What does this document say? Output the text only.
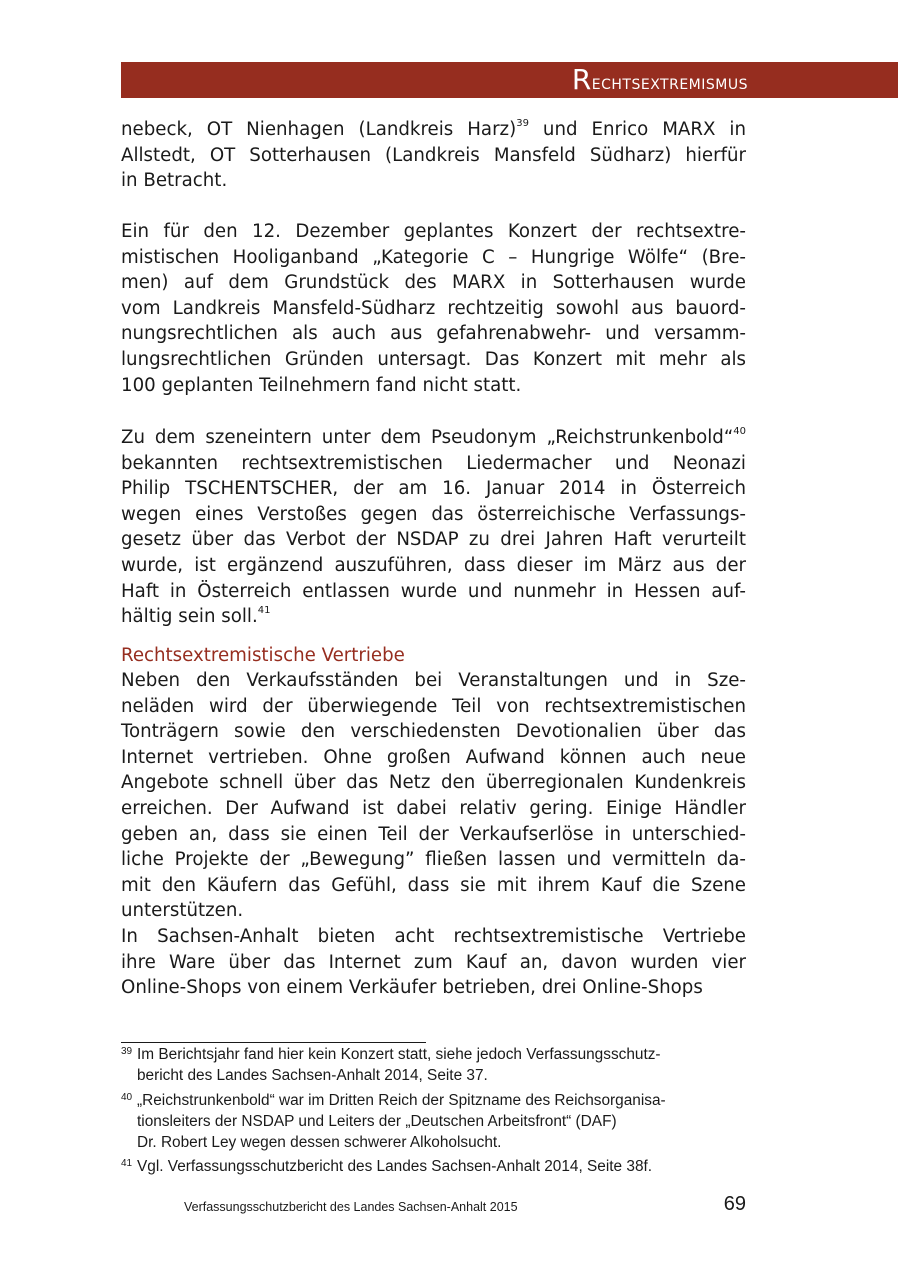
Rechtsextremismus
nebeck, OT Nienhagen (Landkreis Harz)$^{39}$ und Enrico MARX in
Allstedt, OT Sotterhausen (Landkreis Mansfeld Südharz) hierfür
in Betracht.
Ein für den 12. Dezember geplantes Konzert der rechtsextre-
mistischen Hooliganband „Kategorie C – Hungrige Wölfe“ (Bre-
men) auf dem Grundstück des MARX in Sotterhausen wurde
vom Landkreis Mansfeld-Südharz rechtzeitig sowohl aus bauord-
nungsrechtlichen als auch aus gefahrenabwehr- und versamm-
lungsrechtlichen Gründen untersagt. Das Konzert mit mehr als
100 geplanten Teilnehmern fand nicht statt.
Zu dem szeneintern unter dem Pseudonym „Reichstrunkenbold“$^{40}$
bekannten rechtsextremistischen Liedermacher und Neonazi
Philip TSCHENTSCHER, der am 16. Januar 2014 in Österreich
wegen eines Verstoßes gegen das österreichische Verfassungs-
gesetz über das Verbot der NSDAP zu drei Jahren Haft verurteilt
wurde, ist ergänzend auszuführen, dass dieser im März aus der
Haft in Österreich entlassen wurde und nunmehr in Hessen auf-
hältig sein soll.$^{41}$
Rechtsextremistische Vertriebe
Neben den Verkaufsständen bei Veranstaltungen und in Sze-
neläden wird der überwiegende Teil von rechtsextremistischen
Tonträgern sowie den verschiedensten Devotionalien über das
Internet vertrieben. Ohne großen Aufwand können auch neue
Angebote schnell über das Netz den überregionalen Kundenkreis
erreichen. Der Aufwand ist dabei relativ gering. Einige Händler
geben an, dass sie einen Teil der Verkaufserlöse in unterschied-
liche Projekte der „Bewegung” fließen lassen und vermitteln da-
mit den Käufern das Gefühl, dass sie mit ihrem Kauf die Szene
unterstützen.
In Sachsen-Anhalt bieten acht rechtsextremistische Vertriebe
ihre Ware über das Internet zum Kauf an, davon wurden vier
Online-Shops von einem Verkäufer betrieben, drei Online-Shops
39 Im Berichtsjahr fand hier kein Konzert statt, siehe jedoch Verfassungsschutz-
bericht des Landes Sachsen-Anhalt 2014, Seite 37.
40 „Reichstrunkenbold“ war im Dritten Reich der Spitzname des Reichsorganisa-
tionsleiters der NSDAP und Leiters der „Deutschen Arbeitsfront“ (DAF)
Dr. Robert Ley wegen dessen schwerer Alkoholsucht.
41 Vgl. Verfassungsschutzbericht des Landes Sachsen-Anhalt 2014, Seite 38f.
Verfassungsschutzbericht des Landes Sachsen-Anhalt 2015	69
